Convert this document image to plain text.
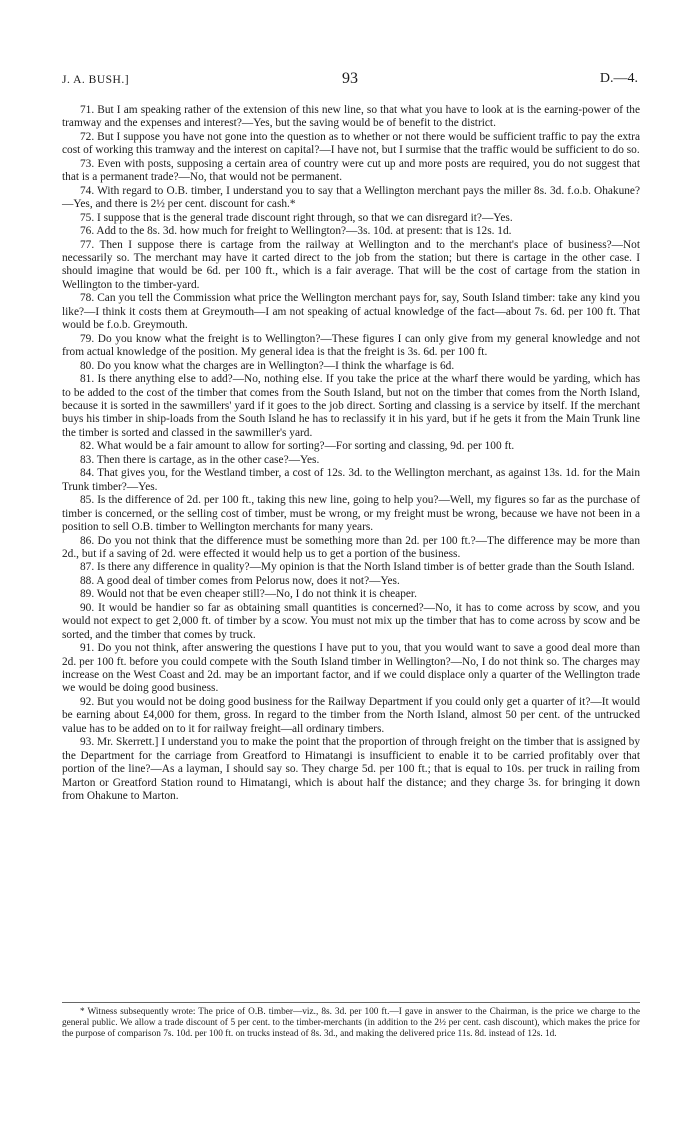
J. A. BUSH.]	93	D.—4.

71. But I am speaking rather of the extension of this new line, so that what you have to look at is the earning-power of the tramway and the expenses and interest?—Yes, but the saving would be of benefit to the district.

72. But I suppose you have not gone into the question as to whether or not there would be sufficient traffic to pay the extra cost of working this tramway and the interest on capital?—I have not, but I surmise that the traffic would be sufficient to do so.

73. Even with posts, supposing a certain area of country were cut up and more posts are required, you do not suggest that that is a permanent trade?—No, that would not be permanent.

74. With regard to O.B. timber, I understand you to say that a Wellington merchant pays the miller 8s. 3d. f.o.b. Ohakune?—Yes, and there is 2½ per cent. discount for cash.*

75. I suppose that is the general trade discount right through, so that we can disregard it?—Yes.

76. Add to the 8s. 3d. how much for freight to Wellington?—3s. 10d. at present: that is 12s. 1d.

77. Then I suppose there is cartage from the railway at Wellington and to the merchant's place of business?—Not necessarily so. The merchant may have it carted direct to the job from the station; but there is cartage in the other case. I should imagine that would be 6d. per 100 ft., which is a fair average. That will be the cost of cartage from the station in Wellington to the timber-yard.

78. Can you tell the Commission what price the Wellington merchant pays for, say, South Island timber: take any kind you like?—I think it costs them at Greymouth—I am not speaking of actual knowledge of the fact—about 7s. 6d. per 100 ft. That would be f.o.b. Greymouth.

79. Do you know what the freight is to Wellington?—These figures I can only give from my general knowledge and not from actual knowledge of the position. My general idea is that the freight is 3s. 6d. per 100 ft.

80. Do you know what the charges are in Wellington?—I think the wharfage is 6d.

81. Is there anything else to add?—No, nothing else. If you take the price at the wharf there would be yarding, which has to be added to the cost of the timber that comes from the South Island, but not on the timber that comes from the North Island, because it is sorted in the sawmillers' yard if it goes to the job direct. Sorting and classing is a service by itself. If the merchant buys his timber in ship-loads from the South Island he has to reclassify it in his yard, but if he gets it from the Main Trunk line the timber is sorted and classed in the sawmiller's yard.

82. What would be a fair amount to allow for sorting?—For sorting and classing, 9d. per 100 ft.

83. Then there is cartage, as in the other case?—Yes.

84. That gives you, for the Westland timber, a cost of 12s. 3d. to the Wellington merchant, as against 13s. 1d. for the Main Trunk timber?—Yes.

85. Is the difference of 2d. per 100 ft., taking this new line, going to help you?—Well, my figures so far as the purchase of timber is concerned, or the selling cost of timber, must be wrong, or my freight must be wrong, because we have not been in a position to sell O.B. timber to Wellington merchants for many years.

86. Do you not think that the difference must be something more than 2d. per 100 ft.?—The difference may be more than 2d., but if a saving of 2d. were effected it would help us to get a portion of the business.

87. Is there any difference in quality?—My opinion is that the North Island timber is of better grade than the South Island.

88. A good deal of timber comes from Pelorus now, does it not?—Yes.

89. Would not that be even cheaper still?—No, I do not think it is cheaper.

90. It would be handier so far as obtaining small quantities is concerned?—No, it has to come across by scow, and you would not expect to get 2,000 ft. of timber by a scow. You must not mix up the timber that has to come across by scow and be sorted, and the timber that comes by truck.

91. Do you not think, after answering the questions I have put to you, that you would want to save a good deal more than 2d. per 100 ft. before you could compete with the South Island timber in Wellington?—No, I do not think so. The charges may increase on the West Coast and 2d. may be an important factor, and if we could displace only a quarter of the Wellington trade we would be doing good business.

92. But you would not be doing good business for the Railway Department if you could only get a quarter of it?—It would be earning about £4,000 for them, gross. In regard to the timber from the North Island, almost 50 per cent. of the untrucked value has to be added on to it for railway freight—all ordinary timbers.

93. Mr. Skerrett.] I understand you to make the point that the proportion of through freight on the timber that is assigned by the Department for the carriage from Greatford to Himatangi is insufficient to enable it to be carried profitably over that portion of the line?—As a layman, I should say so. They charge 5d. per 100 ft.; that is equal to 10s. per truck in railing from Marton or Greatford Station round to Himatangi, which is about half the distance; and they charge 3s. for bringing it down from Ohakune to Marton.

* Witness subsequently wrote: The price of O.B. timber—viz., 8s. 3d. per 100 ft.—I gave in answer to the Chairman, is the price we charge to the general public. We allow a trade discount of 5 per cent. to the timber-merchants (in addition to the 2½ per cent. cash discount), which makes the price for the purpose of comparison 7s. 10d. per 100 ft. on trucks instead of 8s. 3d., and making the delivered price 11s. 8d. instead of 12s. 1d.
